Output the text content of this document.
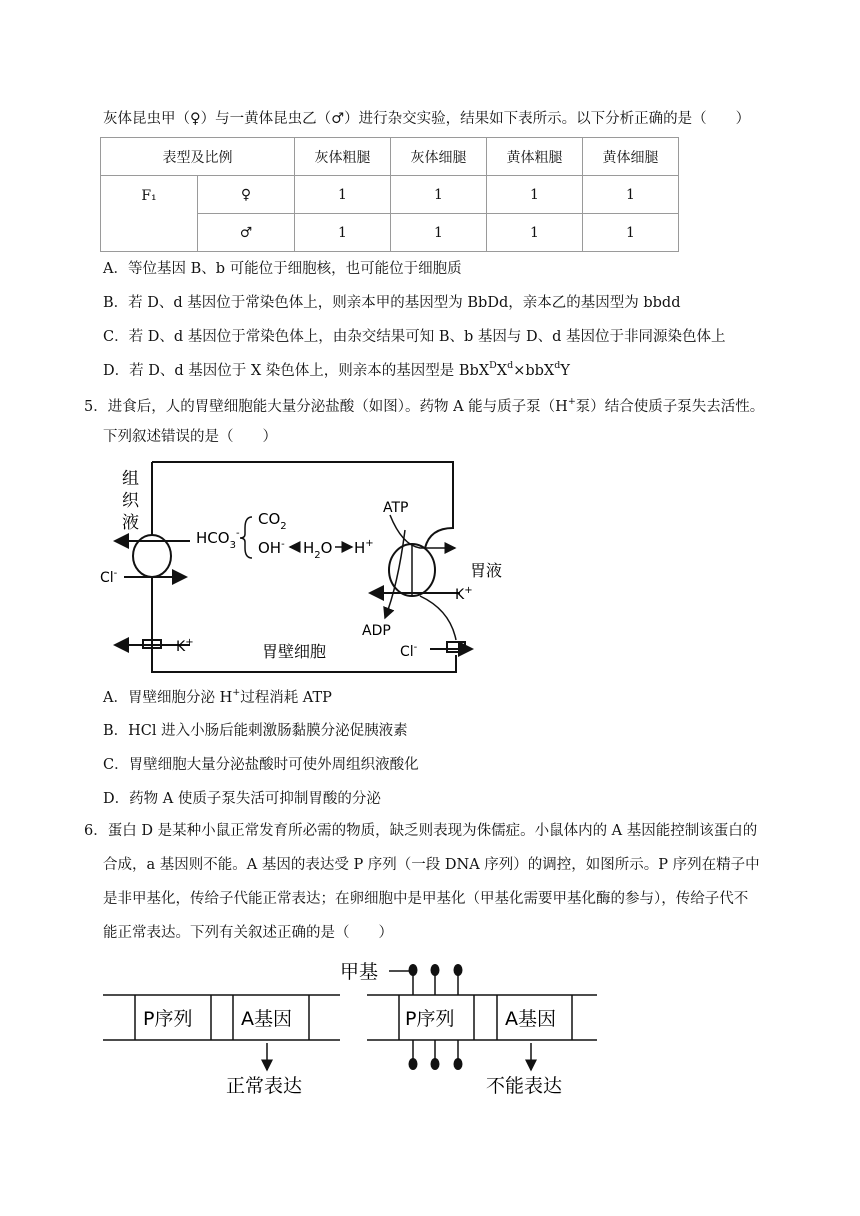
灰体昆虫甲（♀）与一黄体昆虫乙（♂）进行杂交实验，结果如下表所示。以下分析正确的是（　　）
表型及比例		灰体粗腿	灰体细腿	黄体粗腿	黄体细腿
F₁	♀	1	1	1	1
	♂	1	1	1	1
A．等位基因 B、b 可能位于细胞核，也可能位于细胞质
B．若 D、d 基因位于常染色体上，则亲本甲的基因型为 BbDd，亲本乙的基因型为 bbdd
C．若 D、d 基因位于常染色体上，由杂交结果可知 B、b 基因与 D、d 基因位于非同源染色体上
D．若 D、d 基因位于 X 染色体上，则亲本的基因型是 $BbX^DX^d\times bbX^dY$
5．进食后，人的胃壁细胞能大量分泌盐酸（如图）。药物 A 能与质子泵（H+泵）结合使质子泵失去活性。
下列叙述错误的是（　　）
组
织
液
$HCO_3^-$
$CO_2$
OH- $H_2O$ H+
ATP
ADP
胃液
K+
Cl-
Cl-
K+	胃壁细胞
P序列	A基因
正常表达
P序列	A基因
甲基
不能表达
A．胃壁细胞分泌 H+过程消耗 ATP
B．HCl 进入小肠后能刺激肠黏膜分泌促胰液素
C．胃壁细胞大量分泌盐酸时可使外周组织液酸化
D．药物 A 使质子泵失活可抑制胃酸的分泌
6．蛋白 D 是某种小鼠正常发育所必需的物质，缺乏则表现为侏儒症。小鼠体内的 A 基因能控制该蛋白的
合成，a 基因则不能。A 基因的表达受 P 序列（一段 DNA 序列）的调控，如图所示。P 序列在精子中
是非甲基化，传给子代能正常表达；在卵细胞中是甲基化（甲基化需要甲基化酶的参与），传给子代不
能正常表达。下列有关叙述正确的是（　　）
